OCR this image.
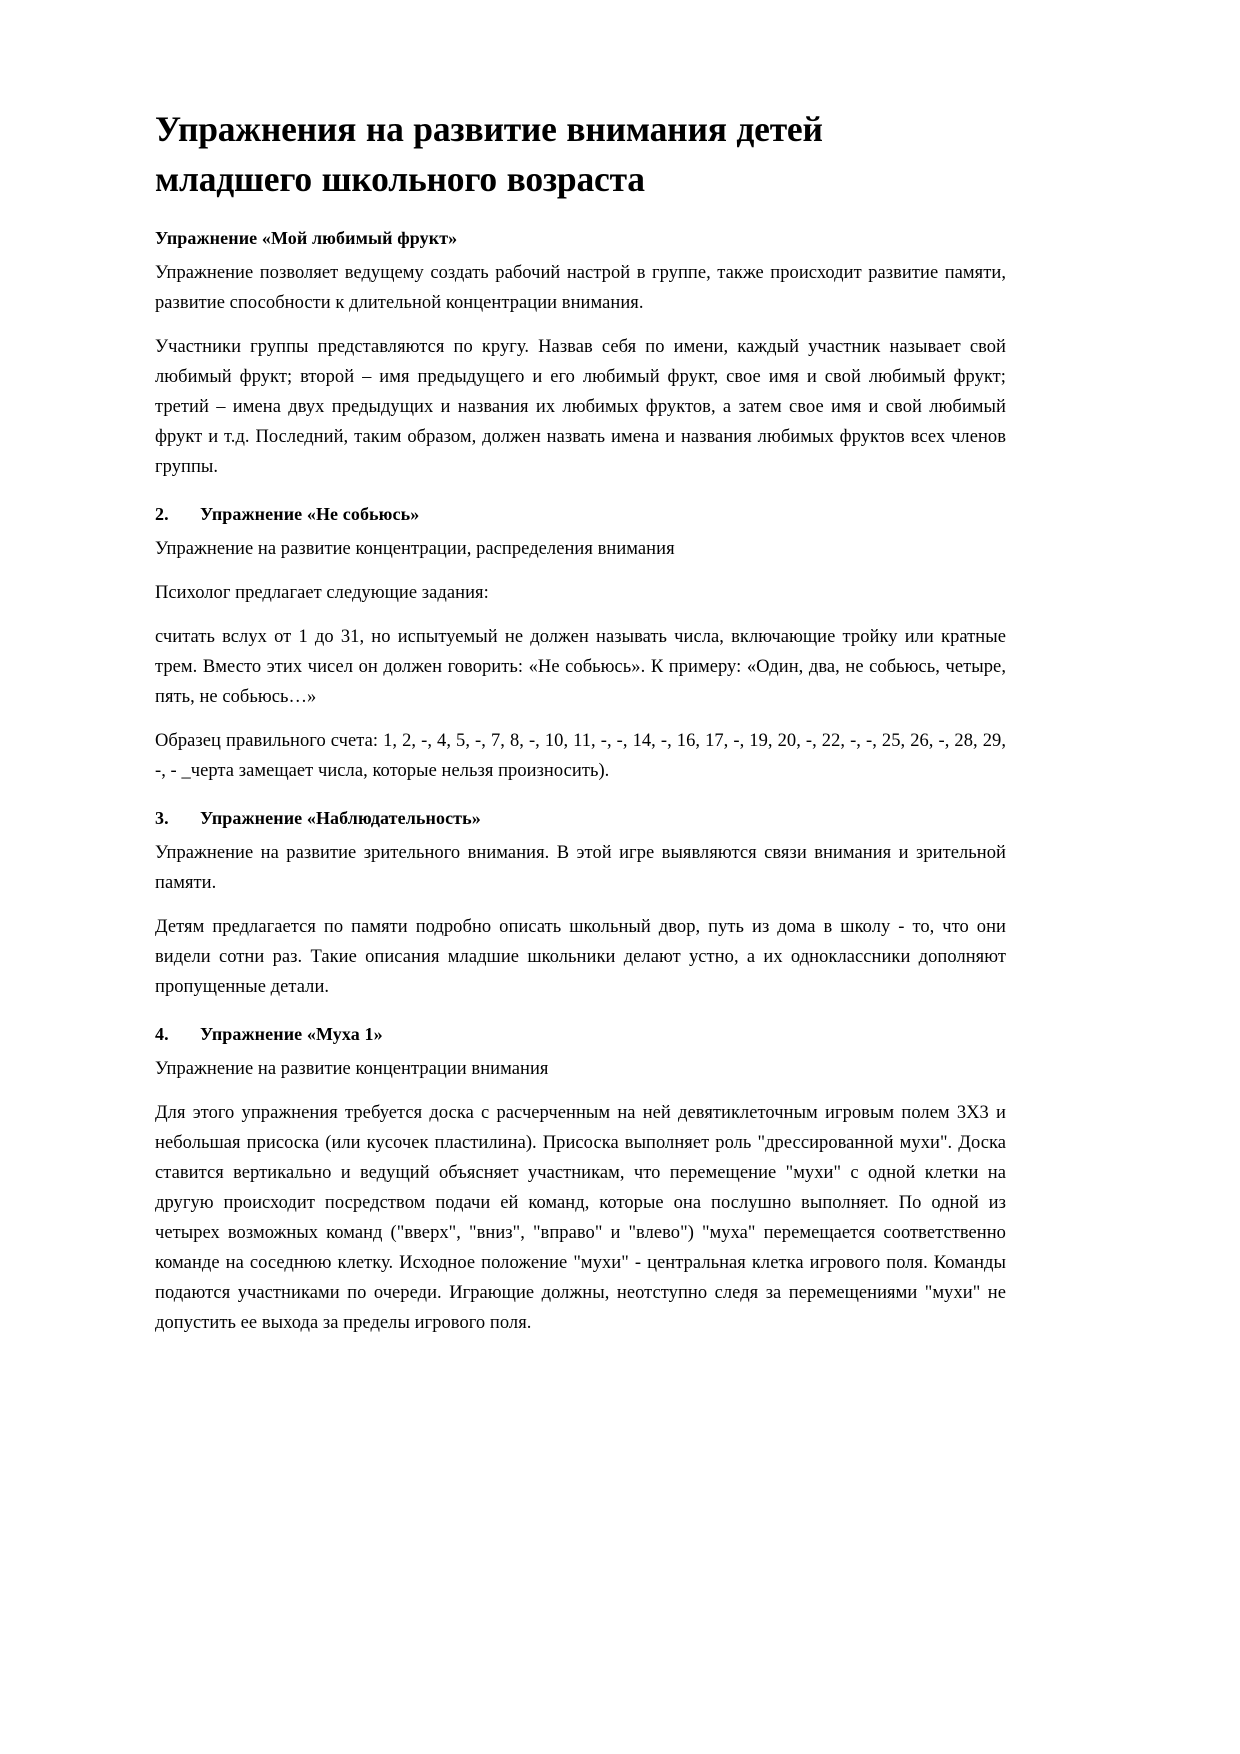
Упражнения на развитие внимания детей
младшего школьного возраста
Упражнение «Мой любимый фрукт»

Упражнение позволяет ведущему создать рабочий настрой в группе, также происходит развитие памяти, развитие способности к длительной концентрации внимания.

Участники группы представляются по кругу. Назвав себя по имени, каждый участник называет свой любимый фрукт; второй – имя предыдущего и его любимый фрукт, свое имя и свой любимый фрукт; третий – имена двух предыдущих и названия их любимых фруктов, а затем свое имя и свой любимый фрукт и т.д. Последний, таким образом, должен назвать имена и названия любимых фруктов всех членов группы.

2.	Упражнение «Не собьюсь»

Упражнение на развитие концентрации, распределения внимания

Психолог предлагает следующие задания:

считать вслух от 1 до 31, но испытуемый не должен называть числа, включающие тройку или кратные трем. Вместо этих чисел он должен говорить: «Не собьюсь». К примеру: «Один, два, не собьюсь, четыре, пять, не собьюсь…»

Образец правильного счета: 1, 2, -, 4, 5, -, 7, 8, -, 10, 11, -, -, 14, -, 16, 17, -, 19, 20, -, 22, -, -, 25, 26, -, 28, 29, -, - _черта замещает числа, которые нельзя произносить).

3.	Упражнение «Наблюдательность»

Упражнение на развитие зрительного внимания. В этой игре выявляются связи внимания и зрительной памяти.

Детям предлагается по памяти подробно описать школьный двор, путь из дома в школу - то, что они видели сотни раз. Такие описания младшие школьники делают устно, а их одноклассники дополняют пропущенные детали.

4.	Упражнение «Муха 1»

Упражнение на развитие концентрации внимания

Для этого упражнения требуется доска с расчерченным на ней девятиклеточным игровым полем 3Х3 и небольшая присоска (или кусочек пластилина). Присоска выполняет роль "дрессированной мухи". Доска ставится вертикально и ведущий объясняет участникам, что перемещение "мухи" с одной клетки на другую происходит посредством подачи ей команд, которые она послушно выполняет. По одной из четырех возможных команд ("вверх", "вниз", "вправо" и "влево") "муха" перемещается соответственно команде на соседнюю клетку. Исходное положение "мухи" - центральная клетка игрового поля. Команды подаются участниками по очереди. Играющие должны, неотступно следя за перемещениями "мухи" не допустить ее выхода за пределы игрового поля.
